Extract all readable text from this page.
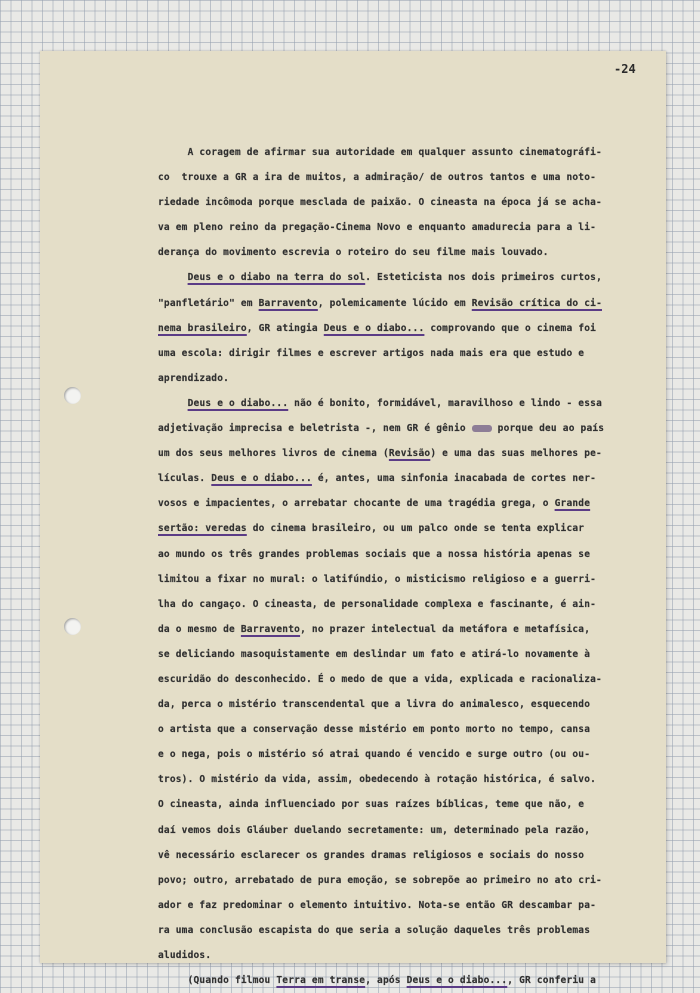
-24
A coragem de afirmar sua autoridade em qualquer assunto cinematográfi-
co  trouxe a GR a ira de muitos, a admiração/ de outros tantos e uma noto-
riedade incômoda porque mesclada de paixão. O cineasta na época já se acha-
va em pleno reino da pregação-Cinema Novo e enquanto amadurecia para a li-
derança do movimento escrevia o roteiro do seu filme mais louvado.
Deus e o diabo na terra do sol. Esteticista nos dois primeiros curtos,
"panfletário" em Barravento, polemicamente lúcido em Revisão crítica do ci-
nema brasileiro, GR atingia Deus e o diabo... comprovando que o cinema foi
uma escola: dirigir filmes e escrever artigos nada mais era que estudo e
aprendizado.
Deus e o diabo... não é bonito, formidável, maravilhoso e lindo - essa
adjetivação imprecisa e beletrista -, nem GR é gênio  porque deu ao país
um dos seus melhores livros de cinema (Revisão) e uma das suas melhores pe-
lículas. Deus e o diabo... é, antes, uma sinfonia inacabada de cortes ner-
vosos e impacientes, o arrebatar chocante de uma tragédia grega, o Grande
sertão: veredas do cinema brasileiro, ou um palco onde se tenta explicar
ao mundo os três grandes problemas sociais que a nossa história apenas se
limitou a fixar no mural: o latifúndio, o misticismo religioso e a guerri-
lha do cangaço. O cineasta, de personalidade complexa e fascinante, é ain-
da o mesmo de Barravento, no prazer intelectual da metáfora e metafísica,
se deliciando masoquistamente em deslindar um fato e atirá-lo novamente à
escuridão do desconhecido. É o medo de que a vida, explicada e racionaliza-
da, perca o mistério transcendental que a livra do animalesco, esquecendo
o artista que a conservação desse mistério em ponto morto no tempo, cansa
e o nega, pois o mistério só atrai quando é vencido e surge outro (ou ou-
tros). O mistério da vida, assim, obedecendo à rotação histórica, é salvo.
O cineasta, ainda influenciado por suas raízes bíblicas, teme que não, e
daí vemos dois Gláuber duelando secretamente: um, determinado pela razão,
vê necessário esclarecer os grandes dramas religiosos e sociais do nosso
povo; outro, arrebatado de pura emoção, se sobrepõe ao primeiro no ato cri-
ador e faz predominar o elemento intuitivo. Nota-se então GR descambar pa-
ra uma conclusão escapista do que seria a solução daqueles três problemas
aludidos.
(Quando filmou Terra em transe, após Deus e o diabo..., GR conferiu a
